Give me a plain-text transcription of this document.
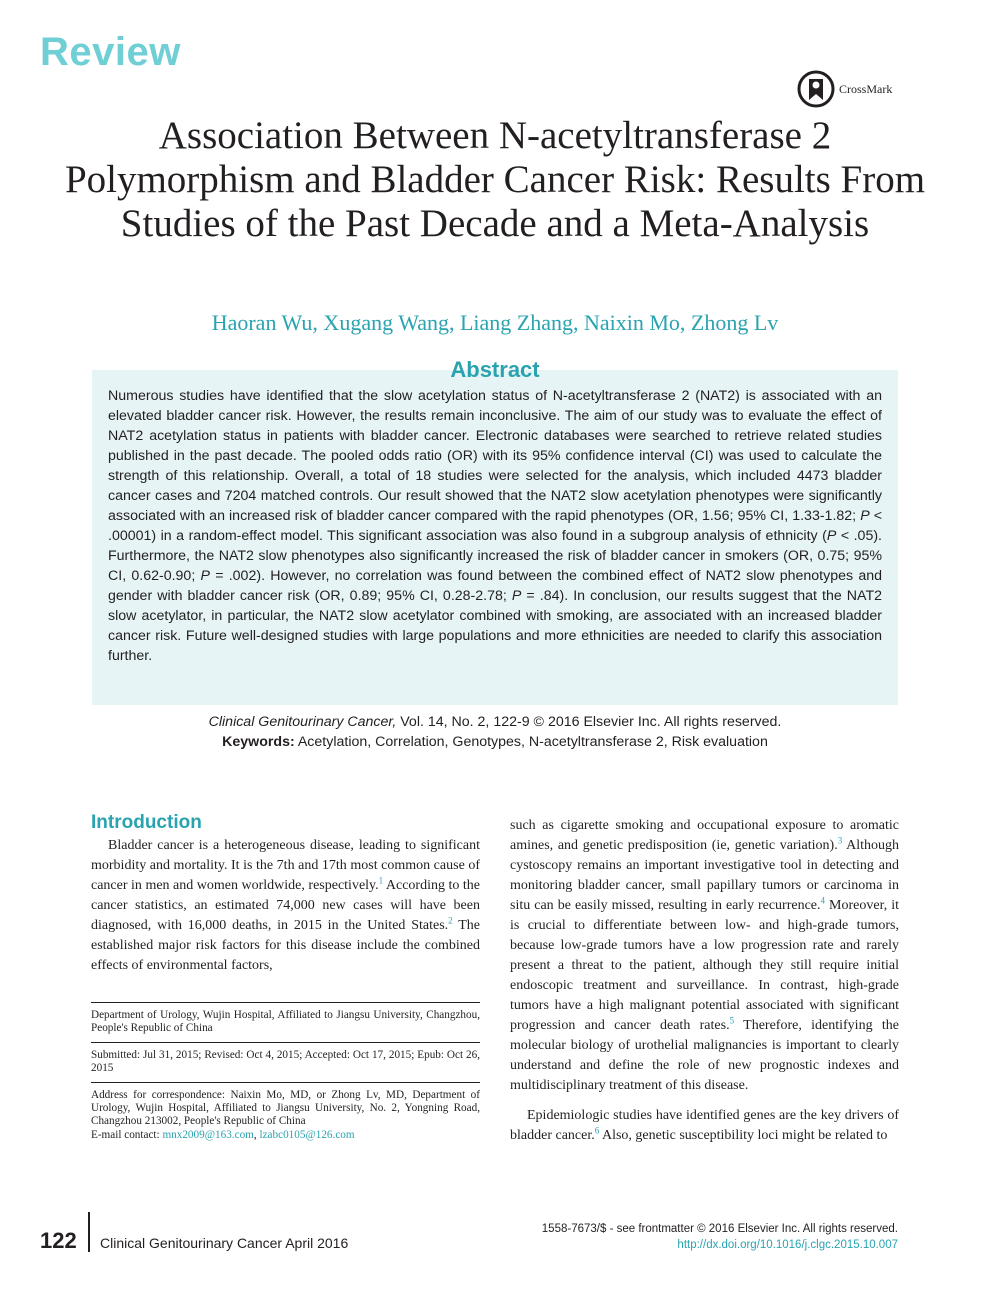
Review
CrossMark
Association Between N-acetyltransferase 2 Polymorphism and Bladder Cancer Risk: Results From Studies of the Past Decade and a Meta-Analysis
Haoran Wu, Xugang Wang, Liang Zhang, Naixin Mo, Zhong Lv

Numerous studies have identified that the slow acetylation status of N-acetyltransferase 2 (NAT2) is associated with an elevated bladder cancer risk. However, the results remain inconclusive. The aim of our study was to evaluate the effect of NAT2 acetylation status in patients with bladder cancer. Electronic databases were searched to retrieve related studies published in the past decade. The pooled odds ratio (OR) with its 95% confidence interval (CI) was used to calculate the strength of this relationship. Overall, a total of 18 studies were selected for the analysis, which included 4473 bladder cancer cases and 7204 matched controls. Our result showed that the NAT2 slow acetylation phenotypes were significantly associated with an increased risk of bladder cancer compared with the rapid phenotypes (OR, 1.56; 95% CI, 1.33-1.82; P < .00001) in a random-effect model. This significant association was also found in a subgroup analysis of ethnicity (P < .05). Furthermore, the NAT2 slow phenotypes also significantly increased the risk of bladder cancer in smokers (OR, 0.75; 95% CI, 0.62-0.90; P = .002). However, no correlation was found between the combined effect of NAT2 slow phenotypes and gender with bladder cancer risk (OR, 0.89; 95% CI, 0.28-2.78; P = .84). In conclusion, our results suggest that the NAT2 slow acetylator, in particular, the NAT2 slow acetylator combined with smoking, are associated with an increased bladder cancer risk. Future well-designed studies with large populations and more ethnicities are needed to clarify this association further.

Abstract
Clinical Genitourinary Cancer, Vol. 14, No. 2, 122-9 © 2016 Elsevier Inc. All rights reserved.
Keywords: Acetylation, Correlation, Genotypes, N-acetyltransferase 2, Risk evaluation
Introduction

Bladder cancer is a heterogeneous disease, leading to significant morbidity and mortality. It is the 7th and 17th most common cause of cancer in men and women worldwide, respectively.$^1$ According to the cancer statistics, an estimated 74,000 new cases will have been diagnosed, with 16,000 deaths, in 2015 in the United States.$^2$ The established major risk factors for this disease include the combined effects of environmental factors,

Department of Urology, Wujin Hospital, Affiliated to Jiangsu University, Changzhou, People's Republic of China
Submitted: Jul 31, 2015; Revised: Oct 4, 2015; Accepted: Oct 17, 2015; Epub: Oct 26, 2015
Address for correspondence: Naixin Mo, MD, or Zhong Lv, MD, Department of Urology, Wujin Hospital, Affiliated to Jiangsu University, No. 2, Yongning Road, Changzhou 213002, People's Republic of China
E-mail contact: mnx2009@163.com, lzabc0105@126.com

such as cigarette smoking and occupational exposure to aromatic amines, and genetic predisposition (ie, genetic variation).$^3$ Although cystoscopy remains an important investigative tool in detecting and monitoring bladder cancer, small papillary tumors or carcinoma in situ can be easily missed, resulting in early recurrence.$^4$ Moreover, it is crucial to differentiate between low- and high-grade tumors, because low-grade tumors have a low progression rate and rarely present a threat to the patient, although they still require initial endoscopic treatment and surveillance. In contrast, high-grade tumors have a high malignant potential associated with significant progression and cancer death rates.$^5$ Therefore, identifying the molecular biology of urothelial malignancies is important to clearly understand and define the role of new prognostic indexes and multidisciplinary treatment of this disease.

Epidemiologic studies have identified genes are the key drivers of bladder cancer.$^6$ Also, genetic susceptibility loci might be related to

122 Clinical Genitourinary Cancer April 2016
1558-7673/$ - see frontmatter © 2016 Elsevier Inc. All rights reserved.
http://dx.doi.org/10.1016/j.clgc.2015.10.007
